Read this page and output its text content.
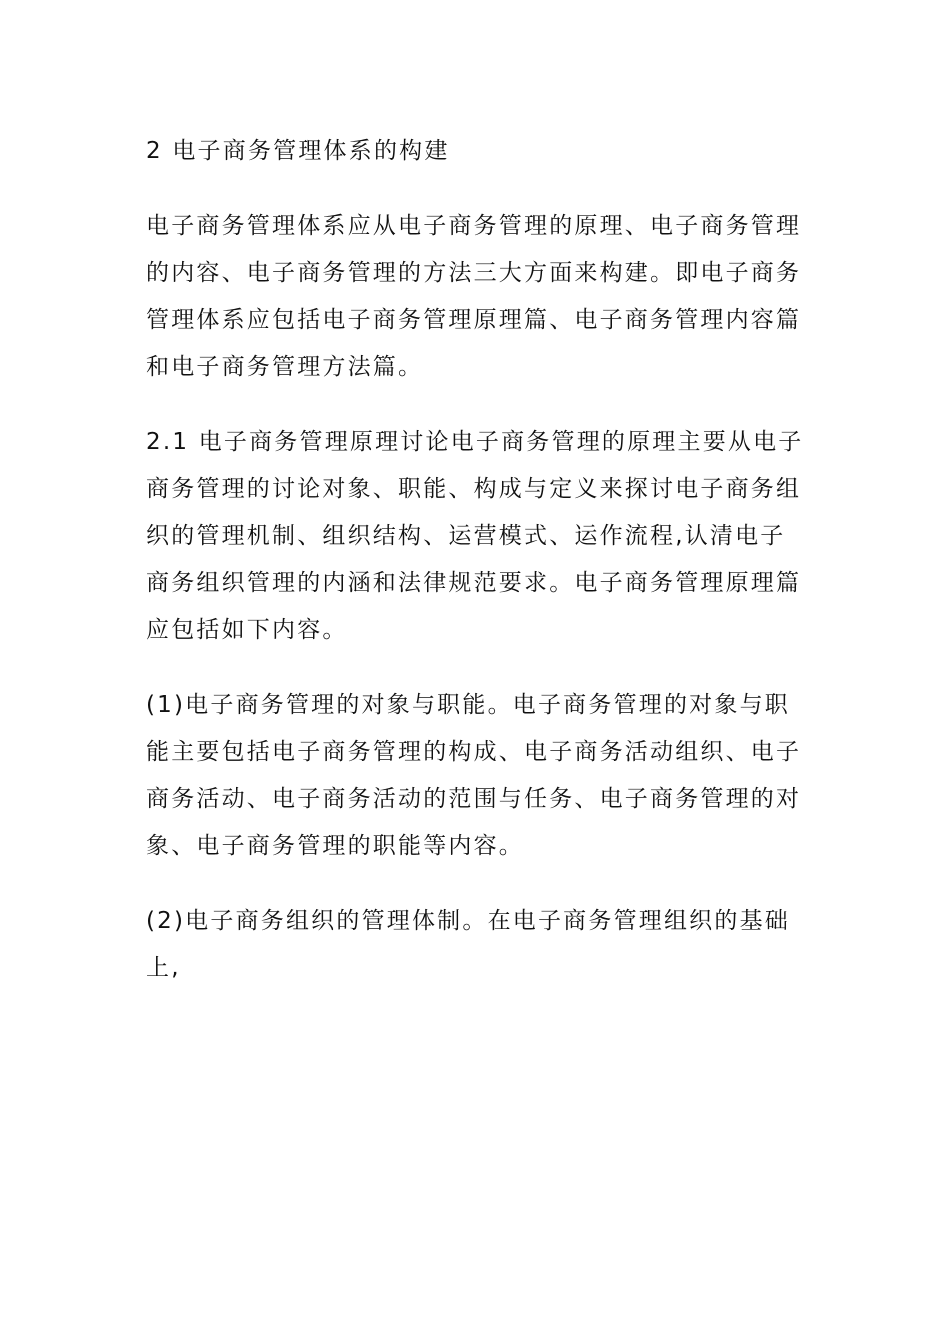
2 电子商务管理体系的构建

电子商务管理体系应从电子商务管理的原理、电子商务管理的内容、电子商务管理的方法三大方面来构建。即电子商务管理体系应包括电子商务管理原理篇、电子商务管理内容篇和电子商务管理方法篇。

2.1 电子商务管理原理讨论电子商务管理的原理主要从电子商务管理的讨论对象、职能、构成与定义来探讨电子商务组织的管理机制、组织结构、运营模式、运作流程,认清电子商务组织管理的内涵和法律规范要求。电子商务管理原理篇应包括如下内容。

(1)电子商务管理的对象与职能。电子商务管理的对象与职能主要包括电子商务管理的构成、电子商务活动组织、电子商务活动、电子商务活动的范围与任务、电子商务管理的对象、电子商务管理的职能等内容。

(2)电子商务组织的管理体制。在电子商务管理组织的基础上,
